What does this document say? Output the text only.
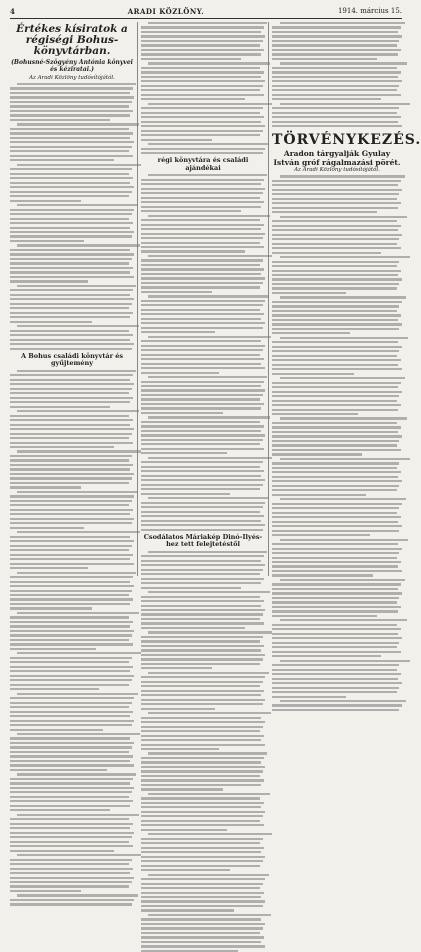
4	ARADI KÖZLÖNY.	1914. március 15.
Értékes kísiratok a régiségi Bohus-könyvtárban.
(Bohusné-Szögyény Antónia könyvei és kéziratai.)
Az Aradi Közlöny tudósítójától.
A Bohus családi könyvtár és gyűjtemény
régi könyvtára és családi ajándékai
Csodálatos Máriakép Dinó-Ilyés-hez tett felejtetéstől
TÖRVÉNYKEZÉS.
Aradon tárgyalják Gyulay István gróf rágalmazási pörét.
Az Aradi Közlöny tudósítójától.
